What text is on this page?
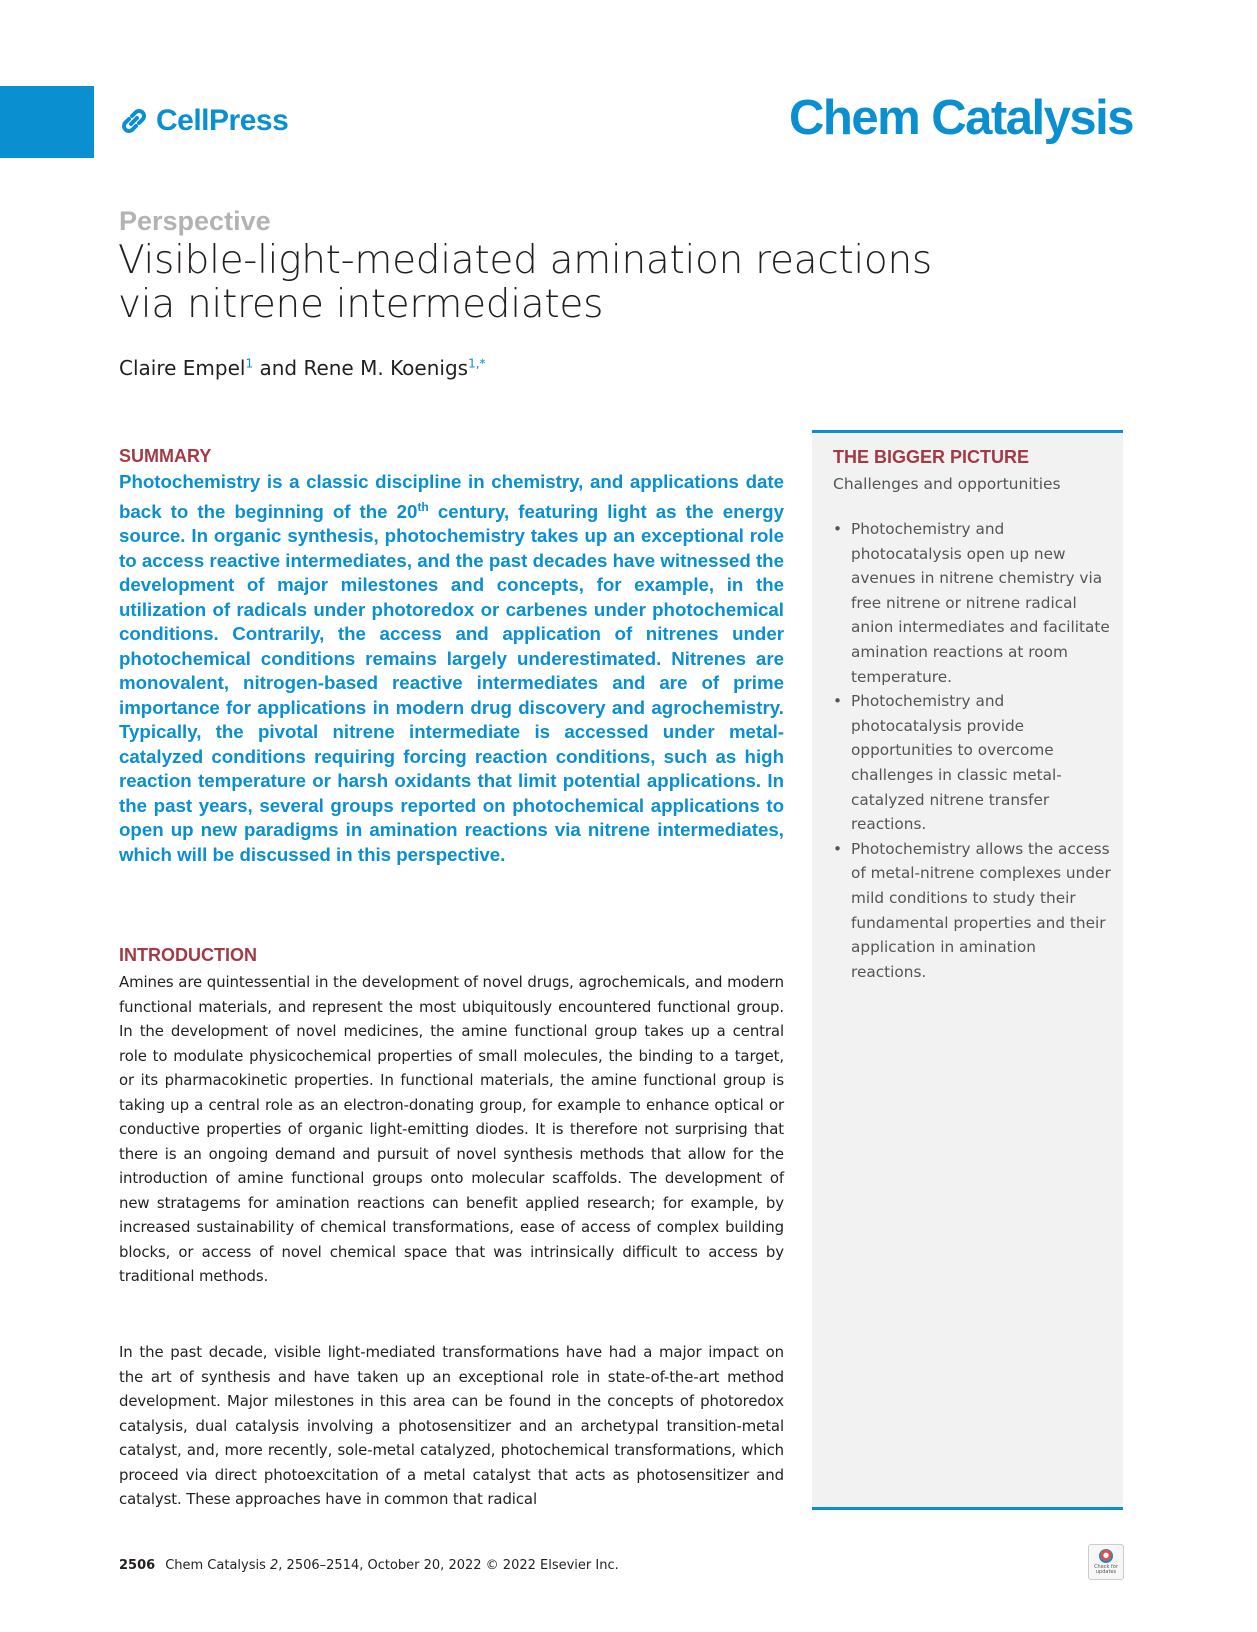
CellPress	Chem Catalysis
Perspective
Visible-light-mediated amination reactions
via nitrene intermediates
Claire Empel$^1$ and Rene M. Koenigs$^{1,*}$
SUMMARY

Photochemistry is a classic discipline in chemistry, and applications date back to the beginning of the 20th century, featuring light as the energy source. In organic synthesis, photochemistry takes up an exceptional role to access reactive intermediates, and the past decades have witnessed the development of major milestones and concepts, for example, in the utilization of radicals under photoredox or carbenes under photochemical conditions. Contrarily, the access and application of nitrenes under photochemical conditions remains largely underestimated. Nitrenes are monovalent, nitrogen-based reactive intermediates and are of prime importance for applications in modern drug discovery and agrochemistry. Typically, the pivotal nitrene intermediate is accessed under metal-catalyzed conditions requiring forcing reaction conditions, such as high reaction temperature or harsh oxidants that limit potential applications. In the past years, several groups reported on photochemical applications to open up new paradigms in amination reactions via nitrene intermediates, which will be discussed in this perspective.

INTRODUCTION

Amines are quintessential in the development of novel drugs, agrochemicals, and modern functional materials, and represent the most ubiquitously encountered functional group. In the development of novel medicines, the amine functional group takes up a central role to modulate physicochemical properties of small molecules, the binding to a target, or its pharmacokinetic properties. In functional materials, the amine functional group is taking up a central role as an electron-donating group, for example to enhance optical or conductive properties of organic light-emitting diodes. It is therefore not surprising that there is an ongoing demand and pursuit of novel synthesis methods that allow for the introduction of amine functional groups onto molecular scaffolds. The development of new stratagems for amination reactions can benefit applied research; for example, by increased sustainability of chemical transformations, ease of access of complex building blocks, or access of novel chemical space that was intrinsically difficult to access by traditional methods.

In the past decade, visible light-mediated transformations have had a major impact on the art of synthesis and have taken up an exceptional role in state-of-the-art method development. Major milestones in this area can be found in the concepts of photoredox catalysis, dual catalysis involving a photosensitizer and an archetypal transition-metal catalyst, and, more recently, sole-metal catalyzed, photochemical transformations, which proceed via direct photoexcitation of a metal catalyst that acts as photosensitizer and catalyst. These approaches have in common that radical

THE BIGGER PICTURE
Challenges and opportunities
• Photochemistry and photocatalysis open up new avenues in nitrene chemistry via free nitrene or nitrene radical anion intermediates and facilitate amination reactions at room temperature.
• Photochemistry and photocatalysis provide opportunities to overcome challenges in classic metal-catalyzed nitrene transfer reactions.
• Photochemistry allows the access of metal-nitrene complexes under mild conditions to study their fundamental properties and their application in amination reactions.
2506 Chem Catalysis 2, 2506–2514, October 20, 2022 © 2022 Elsevier Inc.	Check for updates
